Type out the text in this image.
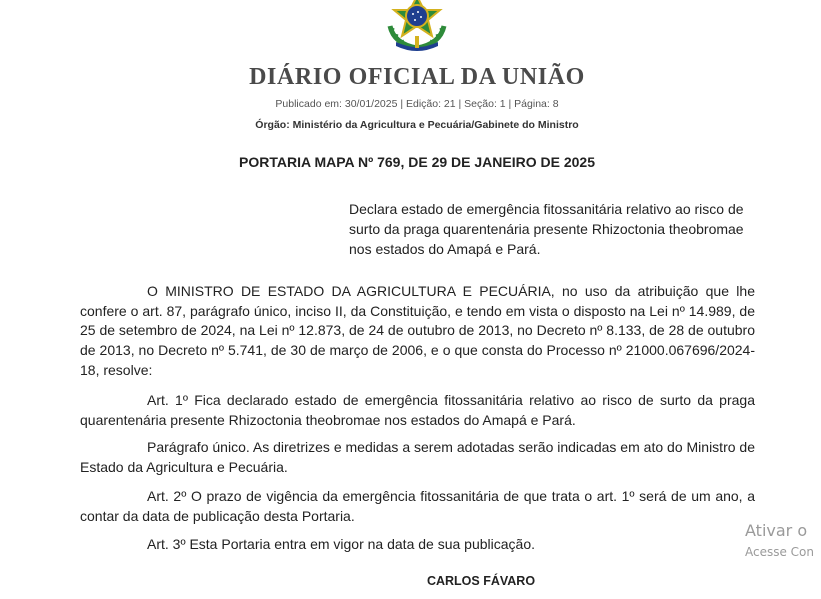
DIÁRIO OFICIAL DA UNIÃO
Publicado em: 30/01/2025 | Edição: 21 | Seção: 1 | Página: 8
Órgão: Ministério da Agricultura e Pecuária/Gabinete do Ministro
PORTARIA MAPA Nº 769, DE 29 DE JANEIRO DE 2025
Declara estado de emergência fitossanitária relativo ao risco de surto da praga quarentenária presente Rhizoctonia theobromae nos estados do Amapá e Pará.
O MINISTRO DE ESTADO DA AGRICULTURA E PECUÁRIA, no uso da atribuição que lhe confere o art. 87, parágrafo único, inciso II, da Constituição, e tendo em vista o disposto na Lei nº 14.989, de 25 de setembro de 2024, na Lei nº 12.873, de 24 de outubro de 2013, no Decreto nº 8.133, de 28 de outubro de 2013, no Decreto nº 5.741, de 30 de março de 2006, e o que consta do Processo nº 21000.067696/2024-18, resolve:
Art. 1º Fica declarado estado de emergência fitossanitária relativo ao risco de surto da praga quarentenária presente Rhizoctonia theobromae nos estados do Amapá e Pará.
Parágrafo único. As diretrizes e medidas a serem adotadas serão indicadas em ato do Ministro de Estado da Agricultura e Pecuária.
Art. 2º O prazo de vigência da emergência fitossanitária de que trata o art. 1º será de um ano, a contar da data de publicação desta Portaria.
Art. 3º Esta Portaria entra em vigor na data de sua publicação.
CARLOS FÁVARO
Ativar o
Acesse Con
